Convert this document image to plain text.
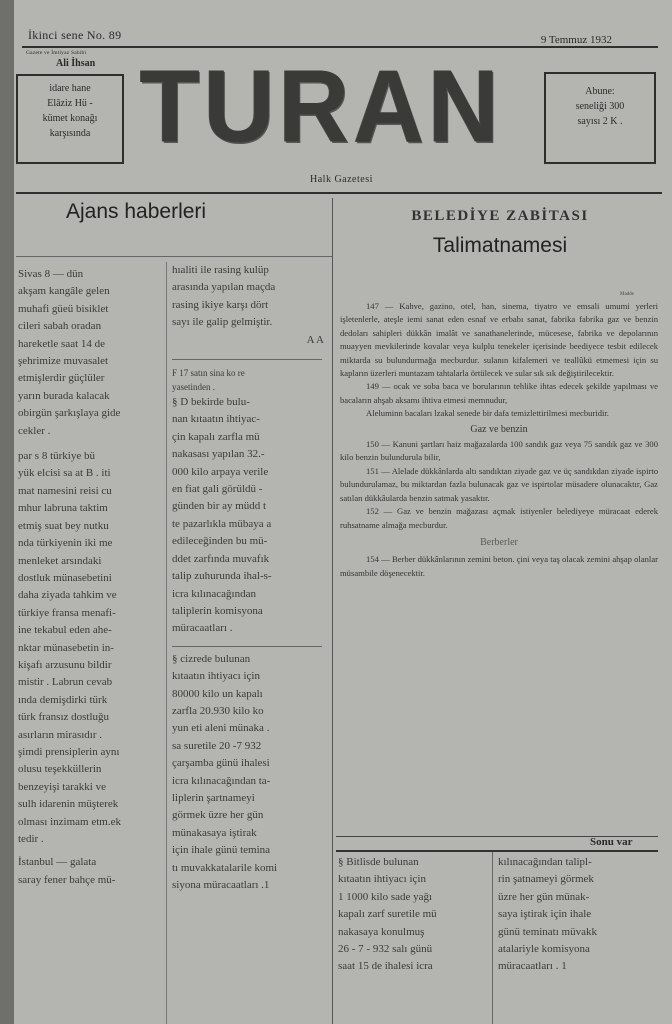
İkinci sene No. 89	9 Temmuz 1932
Gazete ve İmtiyaz Sahibi
Ali İhsan
idare hane
Elâziz Hü -
kümet konağı
karşısında TURAN	Abune:
seneliği 300
sayısı 2 K .
Halk Gazetesi
Ajans haberleri

Sivas 8 — dün

akşam kangâle gelen

muhafi güeü bisiklet

cileri sabah oradan

hareketle saat 14 de

şehrimize muvasalet

etmişlerdir güçlüler

yarın burada kalacak

obirgün şarkışlaya gide

cekler .

par s 8 türkiye bü

yük elcisi sa at B . iti

mat namesini reisi cu

mhur labruna taktim

etmiş suat bey nutku

nda türkiyenin iki me

menleket arsındaki

dostluk münasebetini

daha ziyada tahkim ve

türkiye fransa menafi-

ine tekabul eden ahe-

nktar münasebetin in-

kişafı arzusunu bildir

mistir . Labrun cevab

ında demişdirki türk

türk fransız dostluğu

asırların mirasıdır .

şimdi prensiplerin aynı

olusu teşekküllerin

benzeyişi tarakki ve

sulh idarenin müşterek

olması inzimam etm.ek

tedir .

İstanbul — galata

saray fener bahçe mü-

hıaliti ile rasing kulüp

arasında yapılan maçda

rasing ikiye karşı dört

sayı ile galip gelmiştir.

A A

F 17 satın sina ko re

yasetinden .

§ D bekirde bulu-

nan kıtaatın ihtiyac-

çin kapalı zarfla mü

nakasası yapılan 32.-

000 kilo arpaya verile

en fiat gali görüldü -

günden bir ay müdd t

te pazarlıkla mübaya a

edileceğinden bu mü-

ddet zarfında muvafık

talip zuhurunda ihal-s-

icra kılınacağından

taliplerin komisyona

müracaatları .

§ cizrede bulunan

kıtaatın ihtiyacı için

80000 kilo un kapalı

zarfla 20.930 kilo ko

yun eti aleni münaka .

sa suretile 20 -7 932

çarşamba günü ihalesi

icra kılınacağından ta-

liplerin şartnameyi

görmek üzre her gün

münakasaya iştirak

için ihale günü temina

tı muvakkatalarile komi

siyona müracaatları .1

BELEDİYE ZABİTASI
Talimatnamesi
Madde

147 — Kahve, gazino, otel, han, sinema, tiyatro ve emsali umumi yerleri işletenlerle, ateşle iemi sanat eden esnaf ve erbabı sanat, fabrika fabrika gaz ve benzin dedoları sahipleri dükkân imalât ve sanathanelerinde, mücesese, fabrika ve depolarının muayyen mevkilerinde kovalar veya kulplu tenekeler içerisinde beediyece tesbit edilecek miktarda su bulundurmağa mecburdur. sulanın kifalemeri ve teallûkü etmemesi için su kapların üzerleri muntazam tahtalarla örtülecek ve sular sık sık değiştirilecektir.

149 — ocak ve soba baca ve borularının tehlike ihtas edecek şekilde yapılması ve bacaların ahşab aksamı ihtiva etmesi memnudur,

Aleluminn bacaları lzakal senede bir dafa temizlettirilmesi mecburidir.

Gaz ve benzin

150 — Kanuni şartları haiz mağazalarda 100 sandık gaz veya 75 sandık gaz ve 300 kilo benzin bulundurula bilir,

151 — Alelade dükkânlarda altı sandıktan ziyade gaz ve üç sandıkdan ziyade ispirto bulundurulamaz, bu miktardan fazla bulunacak gaz ve ispirtolar müsadere olunacaktır, Gaz satılan dükkâularda benzin satmak yasaktır.

152 — Gaz ve benzin mağazası açmak istiyenler belediyeye müracaat ederek ruhsatname almağa mecburdur.

Berberler

154 — Berber dükkânlarının zemini beton. çini veya taş olacak zemini ahşap olanlar müsambile döşenecektir.

Sonu var

§ Bitlisde bulunan

kıtaatın ihtiyacı için

1 1000 kilo sade yağı

kapalı zarf suretile mü

nakasaya konulmuş

26 - 7 - 932 salı günü

saat 15 de ihalesi icra

kılınacağından talipl-

rin şatnameyi görmek

üzre her gün münak-

saya iştirak için ihale

günü teminatı müvakk

atalariyle komisyona

müracaatları . 1
